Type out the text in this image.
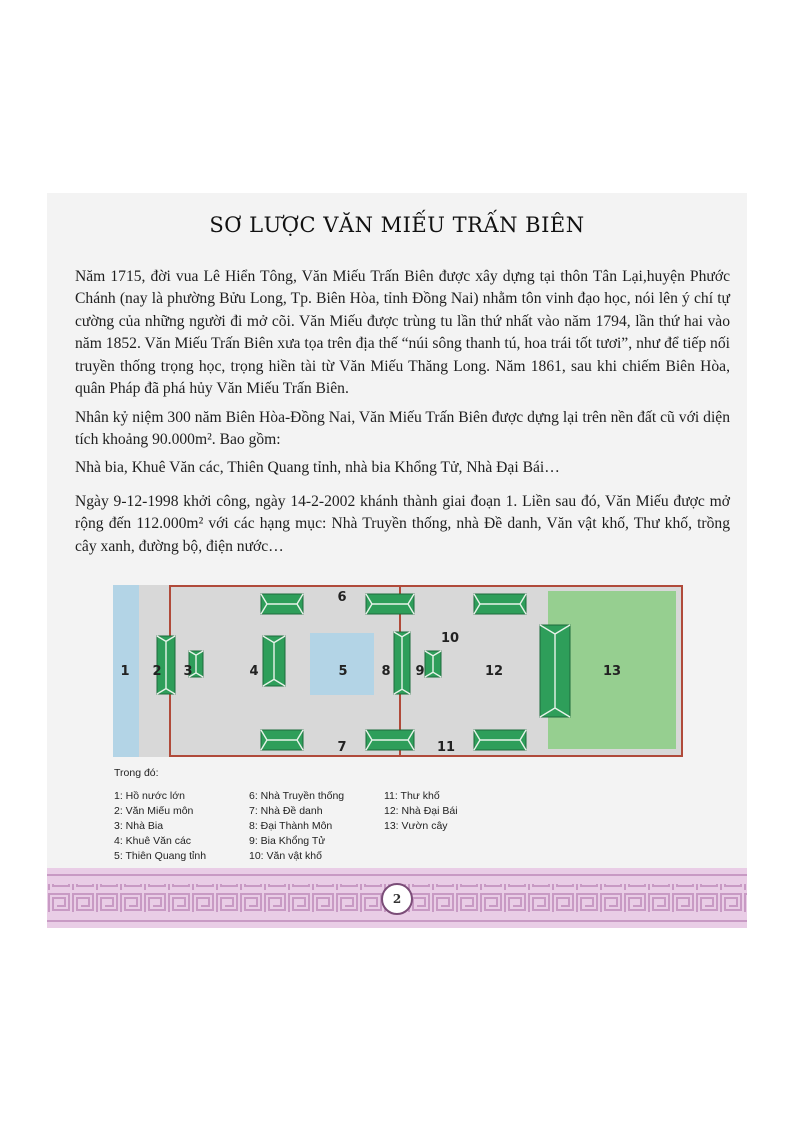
SƠ LƯỢC VĂN MIẾU TRẤN BIÊN

Năm 1715, đời vua Lê Hiển Tông, Văn Miếu Trấn Biên được xây dựng tại thôn Tân Lại,huyện Phước Chánh (nay là phường Bửu Long, Tp. Biên Hòa, tỉnh Đồng Nai) nhằm tôn vinh đạo học, nói lên ý chí tự cường của những người đi mở cõi. Văn Miếu được trùng tu lần thứ nhất vào năm 1794, lần thứ hai vào năm 1852. Văn Miếu Trấn Biên xưa tọa trên địa thế “núi sông thanh tú, hoa trái tốt tươi”, như để tiếp nối truyền thống trọng học, trọng hiền tài từ Văn Miếu Thăng Long. Năm 1861, sau khi chiếm Biên Hòa, quân Pháp đã phá hủy Văn Miếu Trấn Biên.

Nhân kỷ niệm 300 năm Biên Hòa-Đồng Nai, Văn Miếu Trấn Biên được dựng lại trên nền đất cũ với diện tích khoảng 90.000m². Bao gồm:

Nhà bia, Khuê Văn các, Thiên Quang tỉnh, nhà bia Khổng Tử, Nhà Đại Bái…

Ngày 9-12-1998 khởi công, ngày 14-2-2002 khánh thành giai đoạn 1. Liền sau đó, Văn Miếu được mở rộng đến 112.000m² với các hạng mục: Nhà Truyền thống, nhà Đề danh, Văn vật khố, Thư khố, trồng cây xanh, đường bộ, điện nước…

1 2 3	4	5
6
7
8 9
10
11
12	13
Trong đó:
1: Hồ nước lớn
2: Văn Miếu môn
3: Nhà Bia
4: Khuê Văn các
5: Thiên Quang tỉnh
6: Nhà Truyền thống
7: Nhà Đề danh
8: Đại Thành Môn
9: Bia Khổng Tử
10: Văn vật khố
11: Thư khố
12: Nhà Đại Bái
13: Vườn cây
2
